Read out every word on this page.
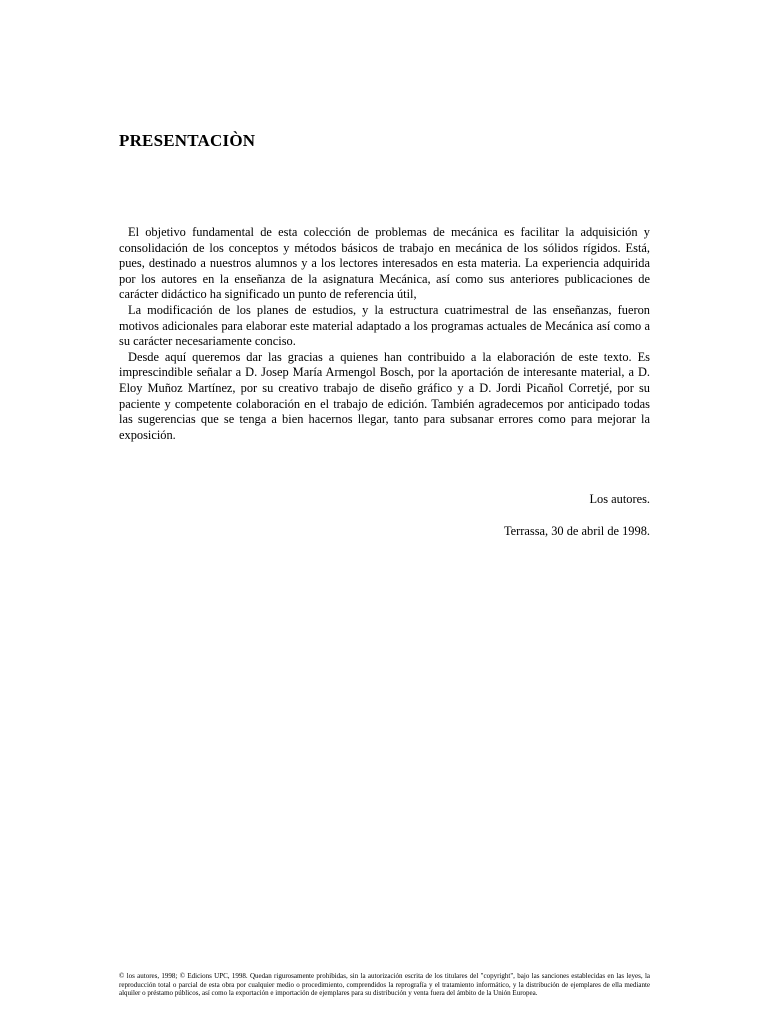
PRESENTACIÒN

El objetivo fundamental de esta colección de problemas de mecánica es facilitar la adquisición y consolidación de los conceptos y métodos básicos de trabajo en mecánica de los sólidos rígidos. Está, pues, destinado a nuestros alumnos y a los lectores interesados en esta materia. La experiencia adquirida por los autores en la enseñanza de la asignatura Mecánica, así como sus anteriores publicaciones de carácter didáctico ha significado un punto de referencia útil,

La modificación de los planes de estudios, y la estructura cuatrimestral de las enseñanzas, fueron motivos adicionales para elaborar este material adaptado a los programas actuales de Mecánica así como a su carácter necesariamente conciso.

Desde aquí queremos dar las gracias a quienes han contribuido a la elaboración de este texto. Es imprescindible señalar a D. Josep María Armengol Bosch, por la aportación de interesante material, a D. Eloy Muñoz Martínez, por su creativo trabajo de diseño gráfico y a D. Jordi Picañol Corretjé, por su paciente y competente colaboración en el trabajo de edición. También agradecemos por anticipado todas las sugerencias que se tenga a bien hacernos llegar, tanto para subsanar errores como para mejorar la exposición.

Los autores.

Terrassa, 30 de abril de 1998.

© los autores, 1998; © Edicions UPC, 1998. Quedan rigurosamente prohibidas, sin la autorización escrita de los titulares del "copyright", bajo las sanciones establecidas en las leyes, la reproducción total o parcial de esta obra por cualquier medio o procedimiento, comprendidos la reprografía y el tratamiento informático, y la distribución de ejemplares de ella mediante alquiler o préstamo públicos, así como la exportación e importación de ejemplares para su distribución y venta fuera del ámbito de la Unión Europea.
